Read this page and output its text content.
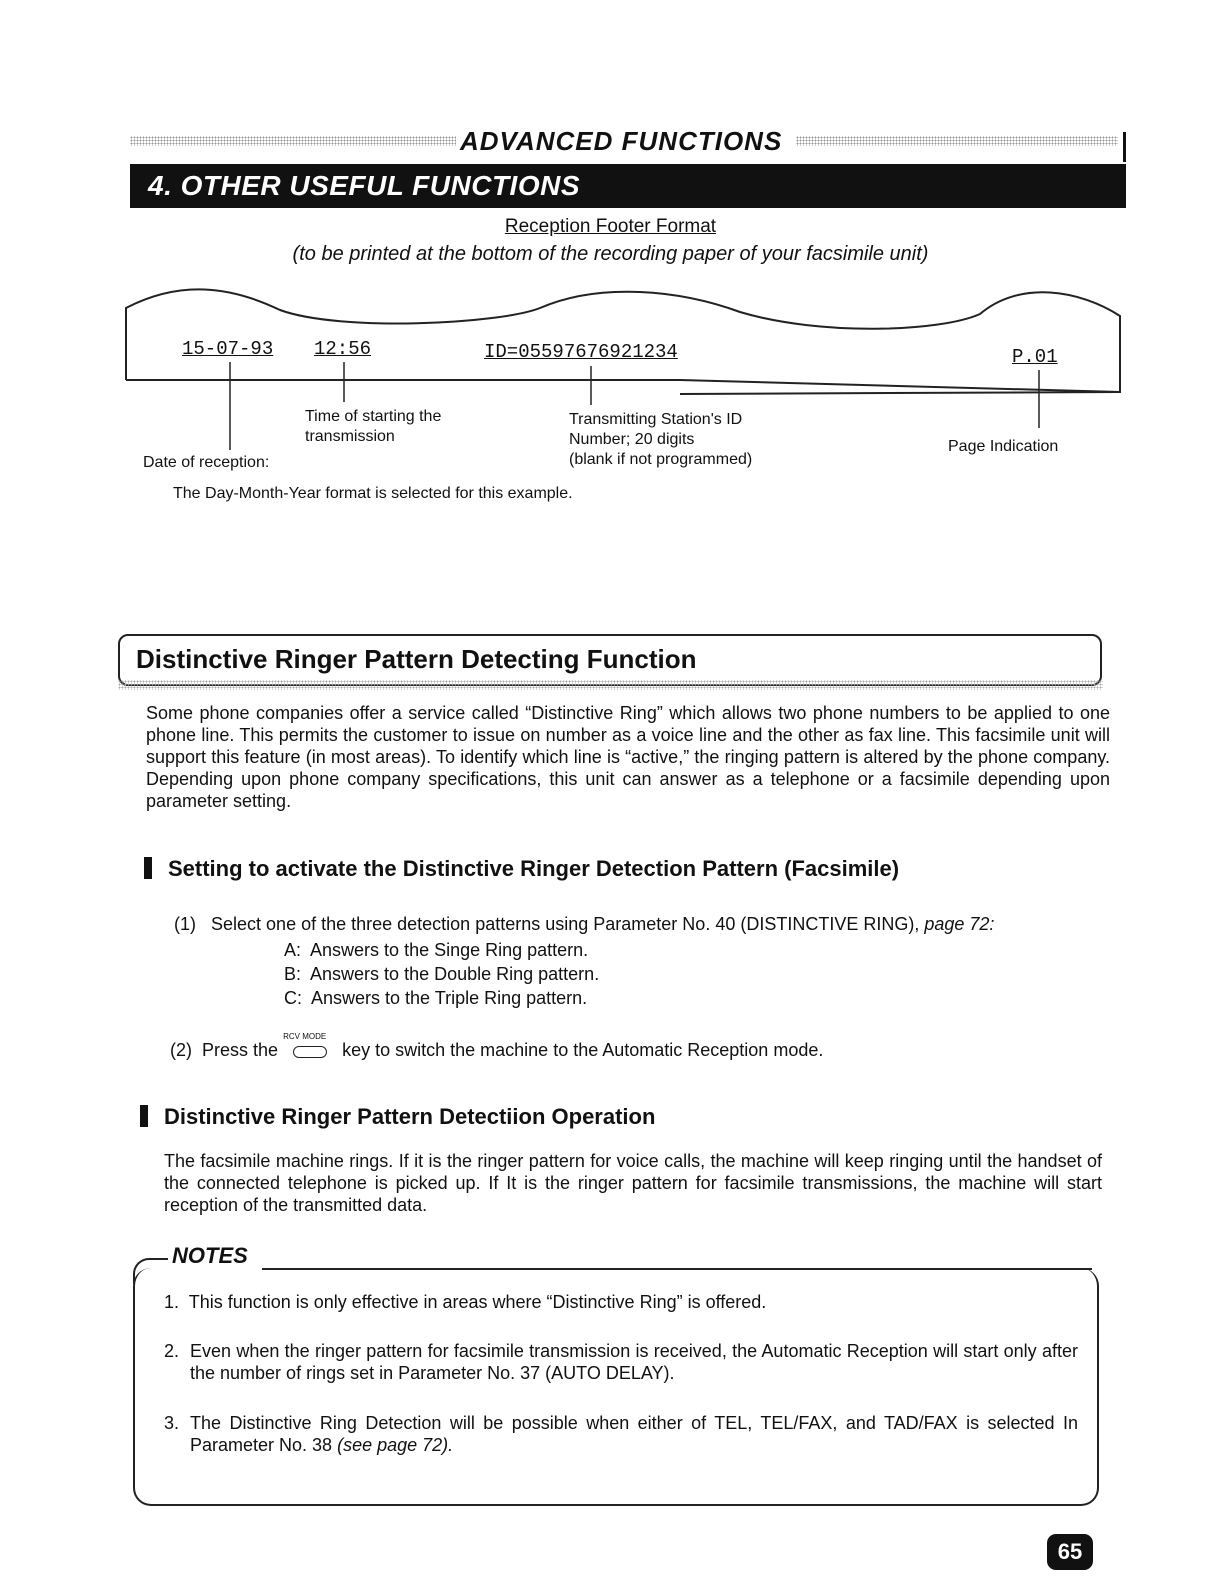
ADVANCED FUNCTIONS
4. OTHER USEFUL FUNCTIONS
Reception Footer Format
(to be printed at the bottom of the recording paper of your facsimile unit)
15-07-93 12:56	ID=05597676921234	P.01
Time of starting the
transmission
Transmitting Station's ID
Number; 20 digits
(blank if not programmed)
Page Indication
Date of reception:
The Day-Month-Year format is selected for this example.
Distinctive Ringer Pattern Detecting Function
Some phone companies offer a service called “Distinctive Ring” which allows two phone numbers to be applied to one phone line. This permits the customer to issue on number as a voice line and the other as fax line. This facsimile unit will support this feature (in most areas). To identify which line is “active,” the ringing pattern is altered by the phone company. Depending upon phone company specifications, this unit can answer as a telephone or a facsimile depending upon parameter setting.
Setting to activate the Distinctive Ringer Detection Pattern (Facsimile)
(1) Select one of the three detection patterns using Parameter No. 40 (DISTINCTIVE RING), page 72:
A: Answers to the Singe Ring pattern.
B: Answers to the Double Ring pattern.
C: Answers to the Triple Ring pattern.
(2) Press the
RCV MODE
key to switch the machine to the Automatic Reception mode.
Distinctive Ringer Pattern Detectiion Operation
The facsimile machine rings. If it is the ringer pattern for voice calls, the machine will keep ringing until the handset of the connected telephone is picked up. If It is the ringer pattern for facsimile transmissions, the machine will start reception of the transmitted data.
NOTES
1. This function is only effective in areas where “Distinctive Ring” is offered.
2. Even when the ringer pattern for facsimile transmission is received, the Automatic Reception will start only after the number of rings set in Parameter No. 37 (AUTO DELAY).
3. The Distinctive Ring Detection will be possible when either of TEL, TEL/FAX, and TAD/FAX is selected In Parameter No. 38 (see page 72).
65
